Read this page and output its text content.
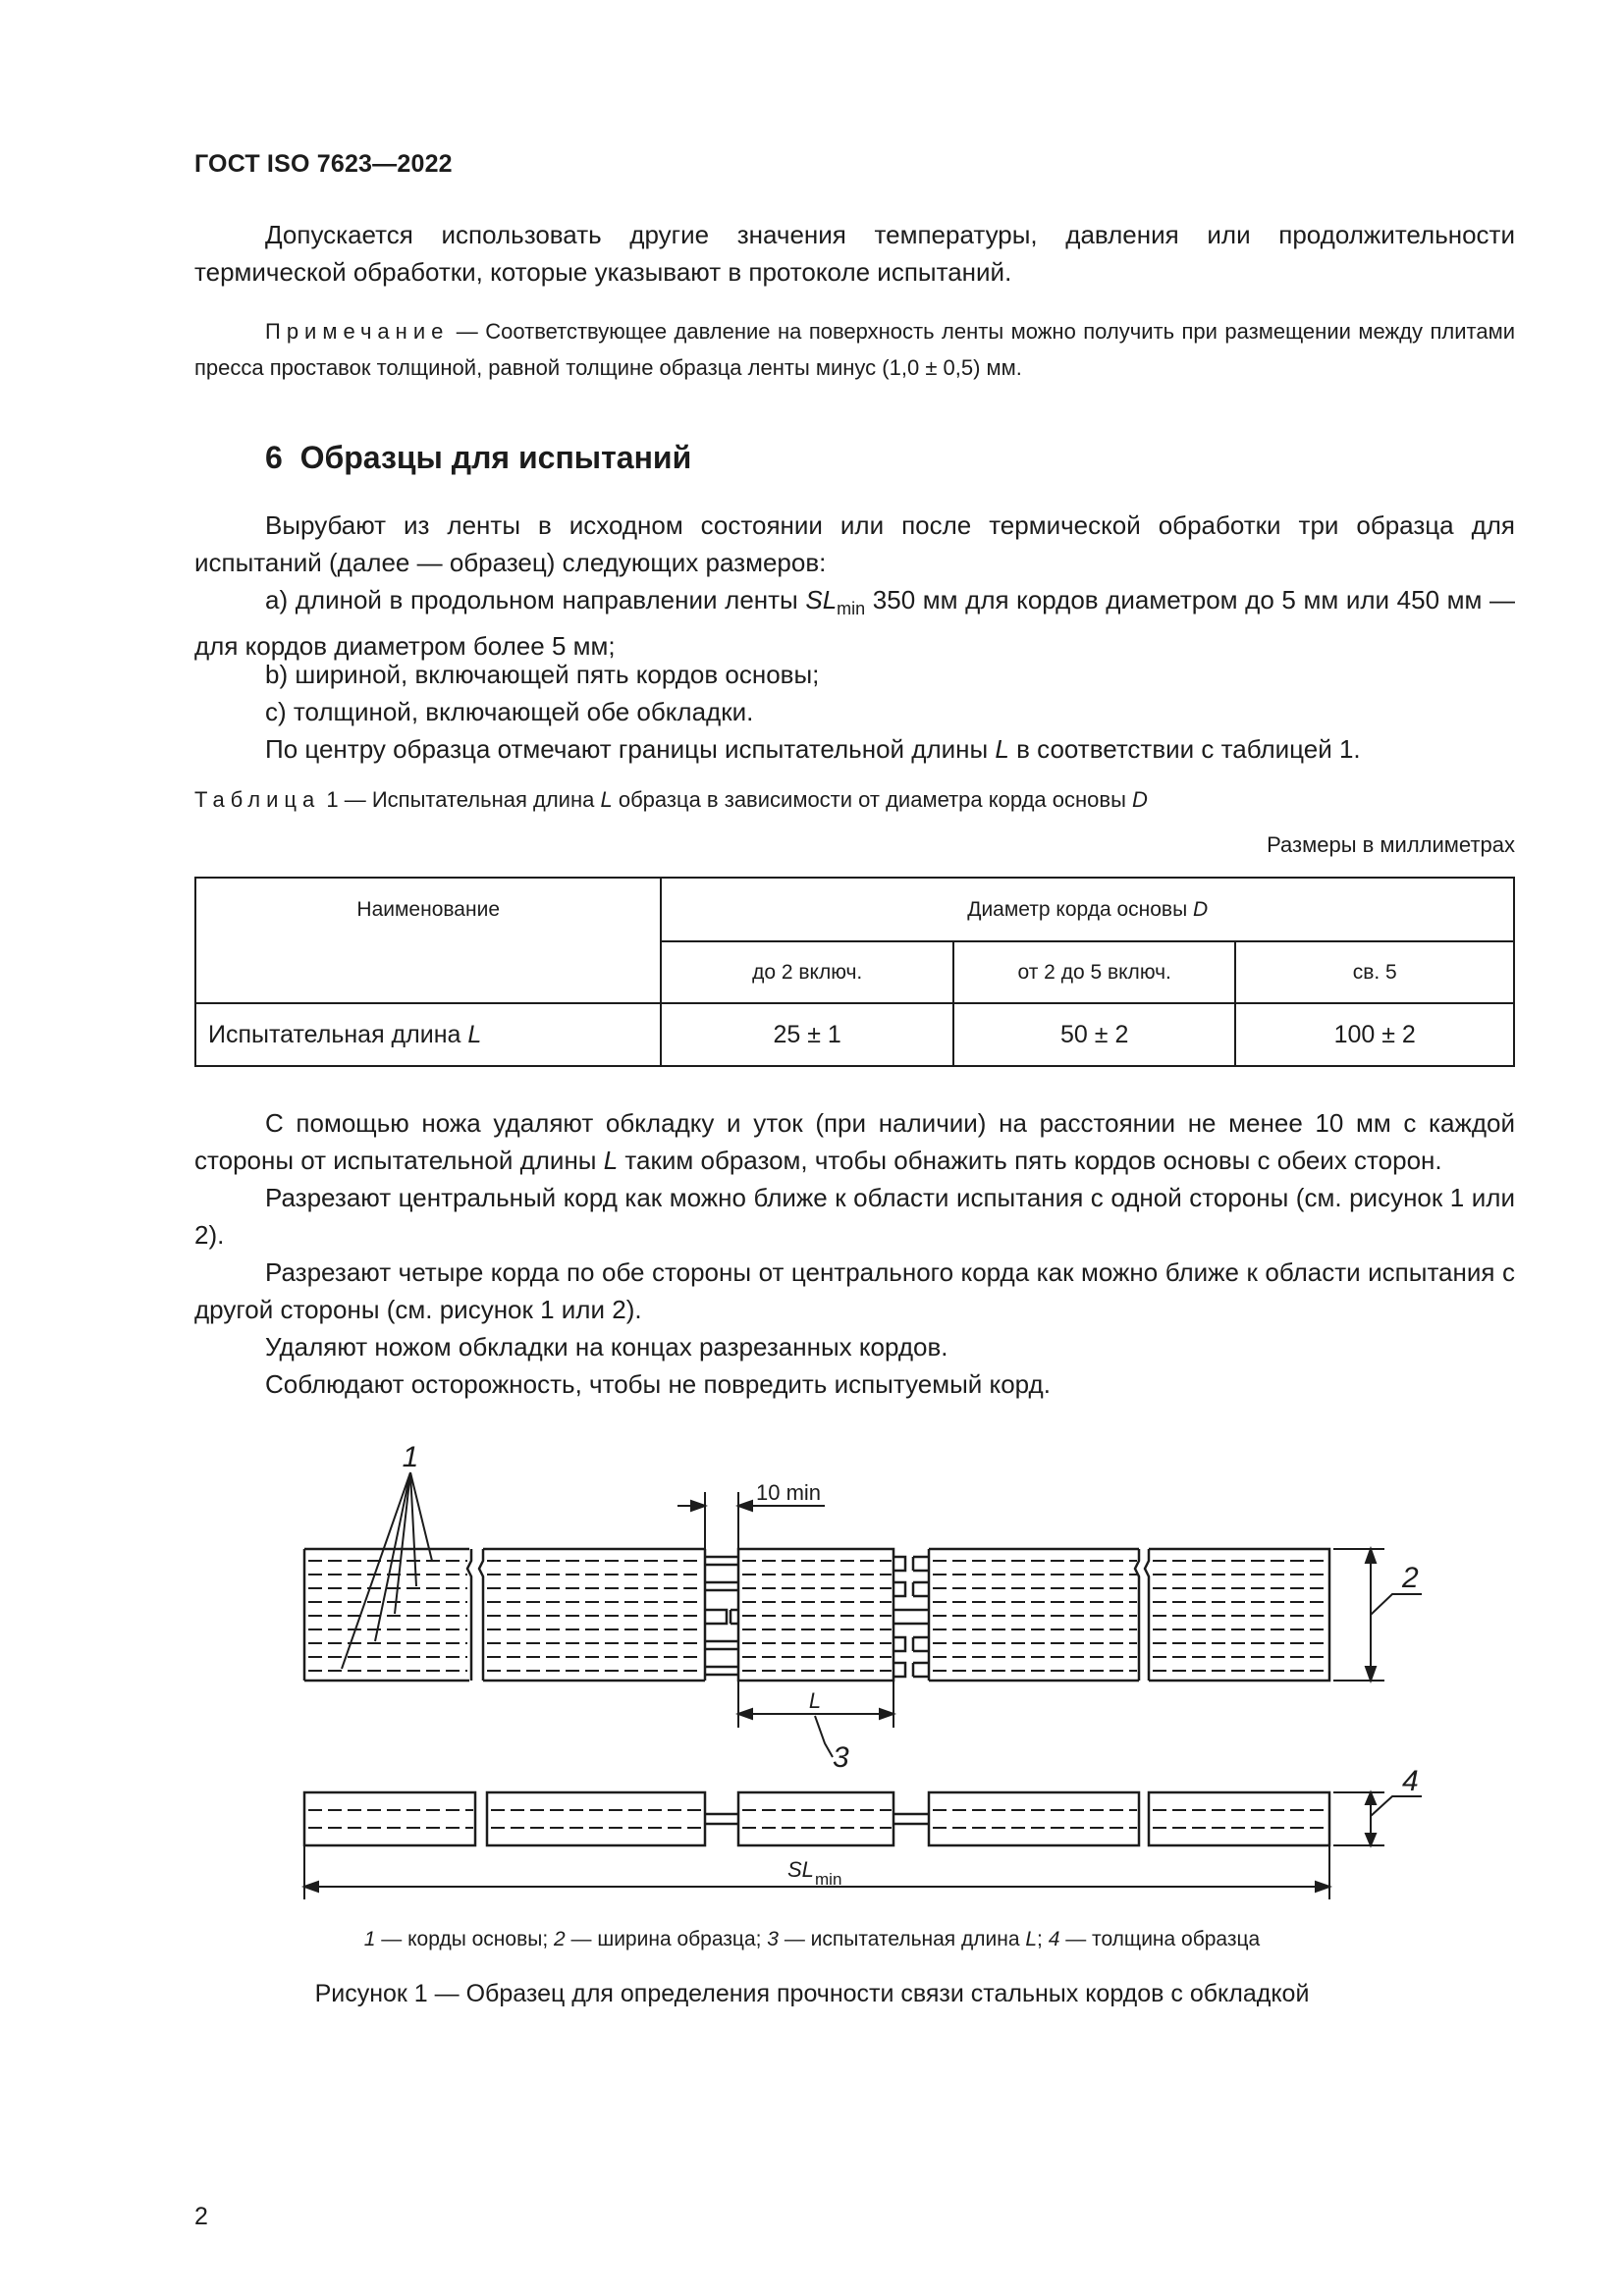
ГОСТ ISO 7623—2022

Допускается использовать другие значения температуры, давления или продолжительности термической обработки, которые указывают в протоколе испытаний.

Примечание — Соответствующее давление на поверхность ленты можно получить при размещении между плитами пресса проставок толщиной, равной толщине образца ленты минус (1,0 ± 0,5) мм.

6 Образцы для испытаний

Вырубают из ленты в исходном состоянии или после термической обработки три образца для испытаний (далее — образец) следующих размеров:

a) длиной в продольном направлении ленты $SL_{min}$ 350 мм для кордов диаметром до 5 мм или 450 мм — для кордов диаметром более 5 мм;

b) шириной, включающей пять кордов основы;
c) толщиной, включающей обе обкладки.
По центру образца отмечают границы испытательной длины L в соответствии с таблицей 1.
Таблица 1 — Испытательная длина L образца в зависимости от диаметра корда основы D
Размеры в миллиметрах
Наименование	Диаметр корда основы D		
	до 2 включ.	от 2 до 5 включ.	св. 5
Испытательная длина L	25 ± 1	50 ± 2	100 ± 2

С помощью ножа удаляют обкладку и уток (при наличии) на расстоянии не менее 10 мм с каждой стороны от испытательной длины L таким образом, чтобы обнажить пять кордов основы с обеих сторон.

Разрезают центральный корд как можно ближе к области испытания с одной стороны (см. рисунок 1 или 2).

Разрезают четыре корда по обе стороны от центрального корда как можно ближе к области испытания с другой стороны (см. рисунок 1 или 2).

Удаляют ножом обкладки на концах разрезанных кордов.
Соблюдают осторожность, чтобы не повредить испытуемый корд.
1
2
3
4
10 min
L
SL min
1 — корды основы; 2 — ширина образца; 3 — испытательная длина L; 4 — толщина образца
Рисунок 1 — Образец для определения прочности связи стальных кордов с обкладкой
2
